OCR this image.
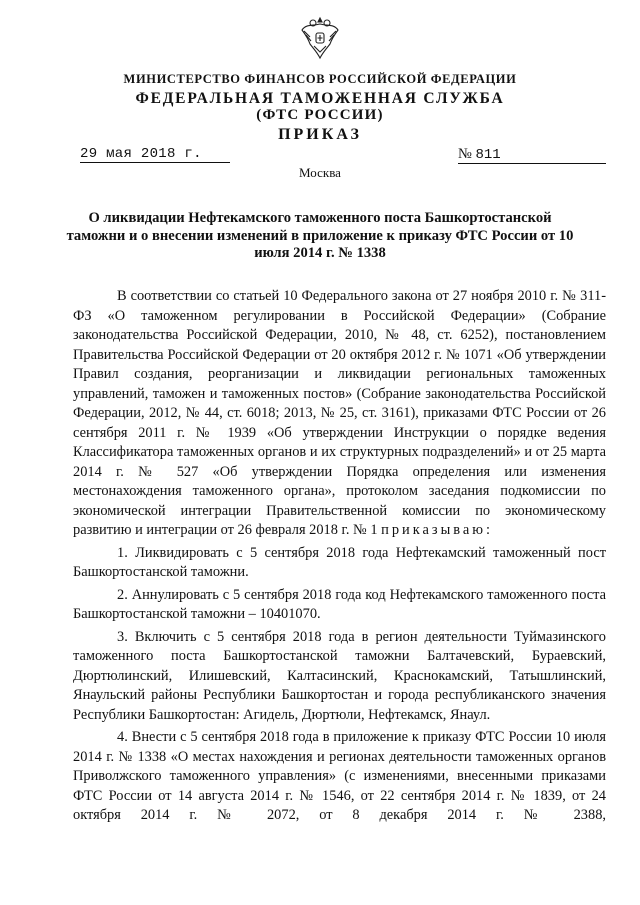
МИНИСТЕРСТВО ФИНАНСОВ РОССИЙСКОЙ ФЕДЕРАЦИИ
ФЕДЕРАЛЬНАЯ ТАМОЖЕННАЯ СЛУЖБА
(ФТС РОССИИ)
ПРИКАЗ
29 мая 2018 г.	№ 811
Москва
О ликвидации Нефтекамского таможенного поста Башкортостанской таможни и о внесении изменений в приложение к приказу ФТС России от 10 июля 2014 г. № 1338

В соответствии со статьей 10 Федерального закона от 27 ноября 2010 г. № 311-ФЗ «О таможенном регулировании в Российской Федерации» (Собрание законодательства Российской Федерации, 2010, № 48, ст. 6252), постановлением Правительства Российской Федерации от 20 октября 2012 г. № 1071 «Об утверждении Правил создания, реорганизации и ликвидации региональных таможенных управлений, таможен и таможенных постов» (Собрание законодательства Российской Федерации, 2012, № 44, ст. 6018; 2013, № 25, ст. 3161), приказами ФТС России от 26 сентября 2011 г. № 1939 «Об утверждении Инструкции о порядке ведения Классификатора таможенных органов и их структурных подразделений» и от 25 марта 2014 г. № 527 «Об утверждении Порядка определения или изменения местонахождения таможенного органа», протоколом заседания подкомиссии по экономической интеграции Правительственной комиссии по экономическому развитию и интеграции от 26 февраля 2018 г. № 1 приказываю:

1. Ликвидировать с 5 сентября 2018 года Нефтекамский таможенный пост Башкортостанской таможни.

2. Аннулировать с 5 сентября 2018 года код Нефтекамского таможенного поста Башкортостанской таможни – 10401070.

3. Включить с 5 сентября 2018 года в регион деятельности Туймазинского таможенного поста Башкортостанской таможни Балтачевский, Бураевский, Дюртюлинский, Илишевский, Калтасинский, Краснокамский, Татышлинский, Янаульский районы Республики Башкортостан и города республиканского значения Республики Башкортостан: Агидель, Дюртюли, Нефтекамск, Янаул.

4. Внести с 5 сентября 2018 года в приложение к приказу ФТС России 10 июля 2014 г. № 1338 «О местах нахождения и регионах деятельности таможенных органов Приволжского таможенного управления» (с изменениями, внесенными приказами ФТС России от 14 августа 2014 г. № 1546, от 22 сентября 2014 г. № 1839, от 24 октября 2014 г. № 2072, от 8 декабря 2014 г. № 2388,
